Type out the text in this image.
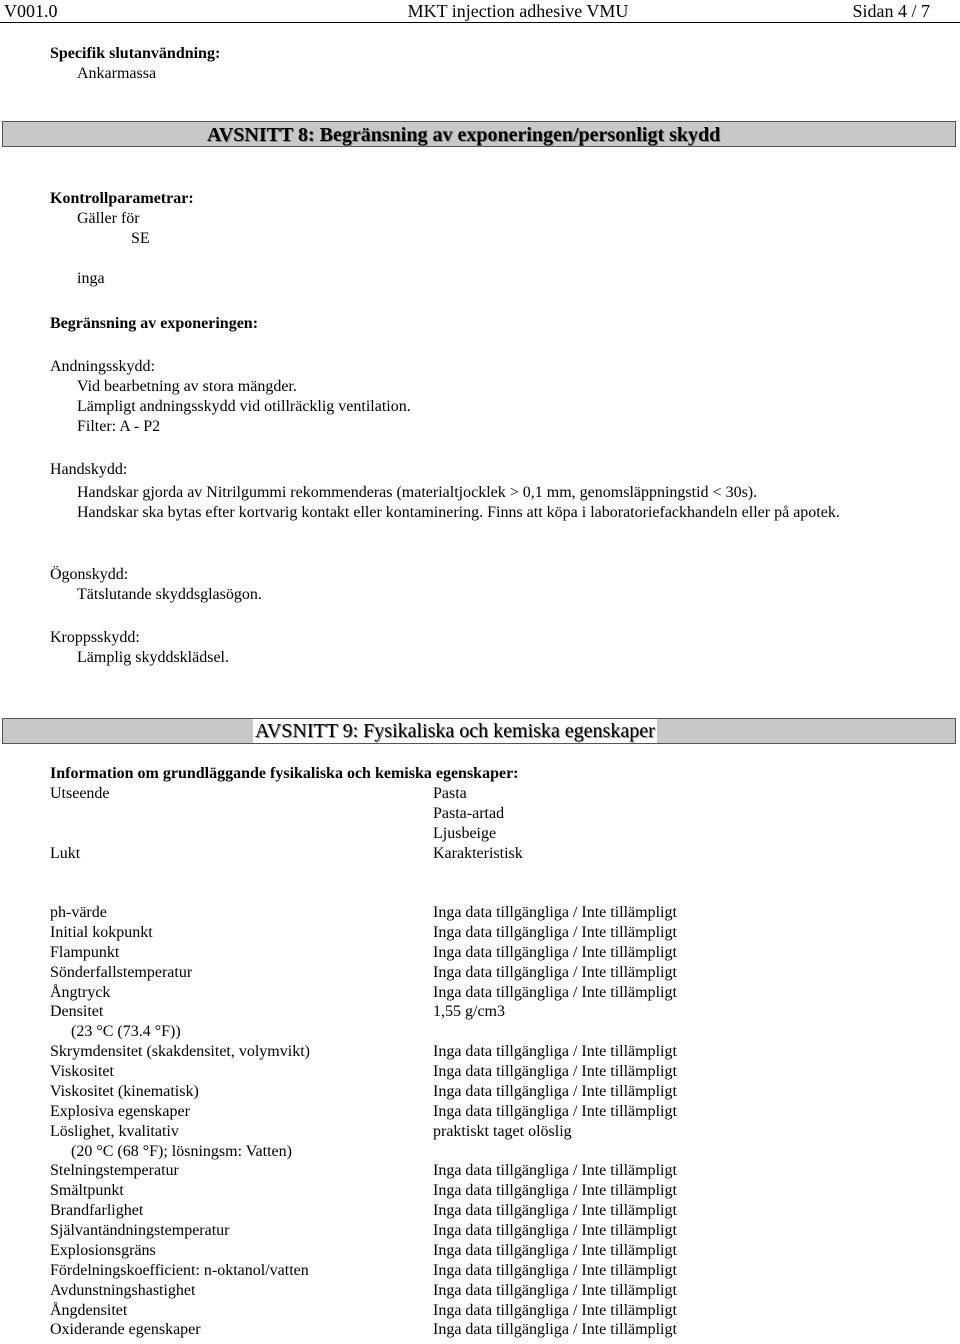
V001.0	MKT injection adhesive VMU	Sidan 4 / 7
Specifik slutanvändning:
Ankarmassa
AVSNITT 8: Begränsning av exponeringen/personligt skydd
Kontrollparametrar:
Gäller för
SE
inga
Begränsning av exponeringen:
Andningsskydd:
Vid bearbetning av stora mängder.
Lämpligt andningsskydd vid otillräcklig ventilation.
Filter: A - P2
Handskydd:
Handskar gjorda av Nitrilgummi rekommenderas (materialtjocklek > 0,1 mm, genomsläppningstid < 30s).
Handskar ska bytas efter kortvarig kontakt eller kontaminering. Finns att köpa i laboratoriefackhandeln eller på apotek.
Ögonskydd:
Tätslutande skyddsglasögon.
Kroppsskydd:
Lämplig skyddsklädsel.
AVSNITT 9: Fysikaliska och kemiska egenskaper
Information om grundläggande fysikaliska och kemiska egenskaper:
Utseende	Pasta
Pasta-artad
Ljusbeige
Lukt	Karakteristisk
ph-värde	Inga data tillgängliga / Inte tillämpligt
Initial kokpunkt	Inga data tillgängliga / Inte tillämpligt
Flampunkt	Inga data tillgängliga / Inte tillämpligt
Sönderfallstemperatur	Inga data tillgängliga / Inte tillämpligt
Ångtryck	Inga data tillgängliga / Inte tillämpligt
Densitet	1,55 g/cm3
(23 °C (73.4 °F))
Skrymdensitet (skakdensitet, volymvikt)	Inga data tillgängliga / Inte tillämpligt
Viskositet	Inga data tillgängliga / Inte tillämpligt
Viskositet (kinematisk)	Inga data tillgängliga / Inte tillämpligt
Explosiva egenskaper	Inga data tillgängliga / Inte tillämpligt
Löslighet, kvalitativ	praktiskt taget olöslig
(20 °C (68 °F); lösningsm: Vatten)
Stelningstemperatur	Inga data tillgängliga / Inte tillämpligt
Smältpunkt	Inga data tillgängliga / Inte tillämpligt
Brandfarlighet	Inga data tillgängliga / Inte tillämpligt
Självantändningstemperatur	Inga data tillgängliga / Inte tillämpligt
Explosionsgräns	Inga data tillgängliga / Inte tillämpligt
Fördelningskoefficient: n-oktanol/vatten	Inga data tillgängliga / Inte tillämpligt
Avdunstningshastighet	Inga data tillgängliga / Inte tillämpligt
Ångdensitet	Inga data tillgängliga / Inte tillämpligt
Oxiderande egenskaper	Inga data tillgängliga / Inte tillämpligt
